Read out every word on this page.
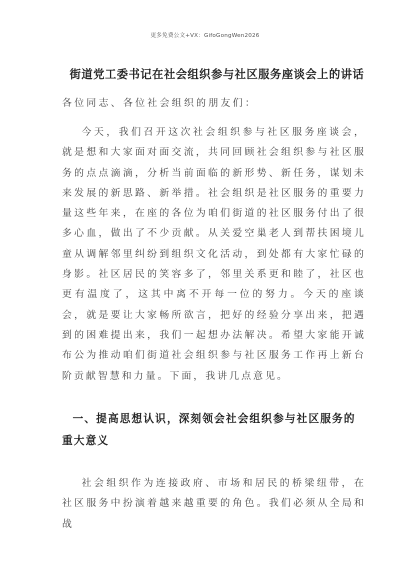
更多免费公文+VX：GifoGongWen2026
街道党工委书记在社会组织参与社区服务座谈会上的讲话
各位同志、各位社会组织的朋友们：

今天，我们召开这次社会组织参与社区服务座谈会，就是想和大家面对面交流，共同回顾社会组织参与社区服务的点点滴滴，分析当前面临的新形势、新任务，谋划未来发展的新思路、新举措。社会组织是社区服务的重要力量这些年来，在座的各位为咱们街道的社区服务付出了很多心血，做出了不少贡献。从关爱空巢老人到帮扶困境儿童从调解邻里纠纷到组织文化活动，到处都有大家忙碌的身影。社区居民的笑容多了，邻里关系更和睦了，社区也更有温度了，这其中离不开每一位的努力。今天的座谈会，就是要让大家畅所欲言，把好的经验分享出来，把遇到的困难提出来，我们一起想办法解决。希望大家能开诚布公为推动咱们街道社会组织参与社区服务工作再上新台阶贡献智慧和力量。下面，我讲几点意见。

一、提高思想认识，深刻领会社会组织参与社区服务的重大意义

社会组织作为连接政府、市场和居民的桥梁纽带，在社区服务中扮演着越来越重要的角色。我们必须从全局和战
